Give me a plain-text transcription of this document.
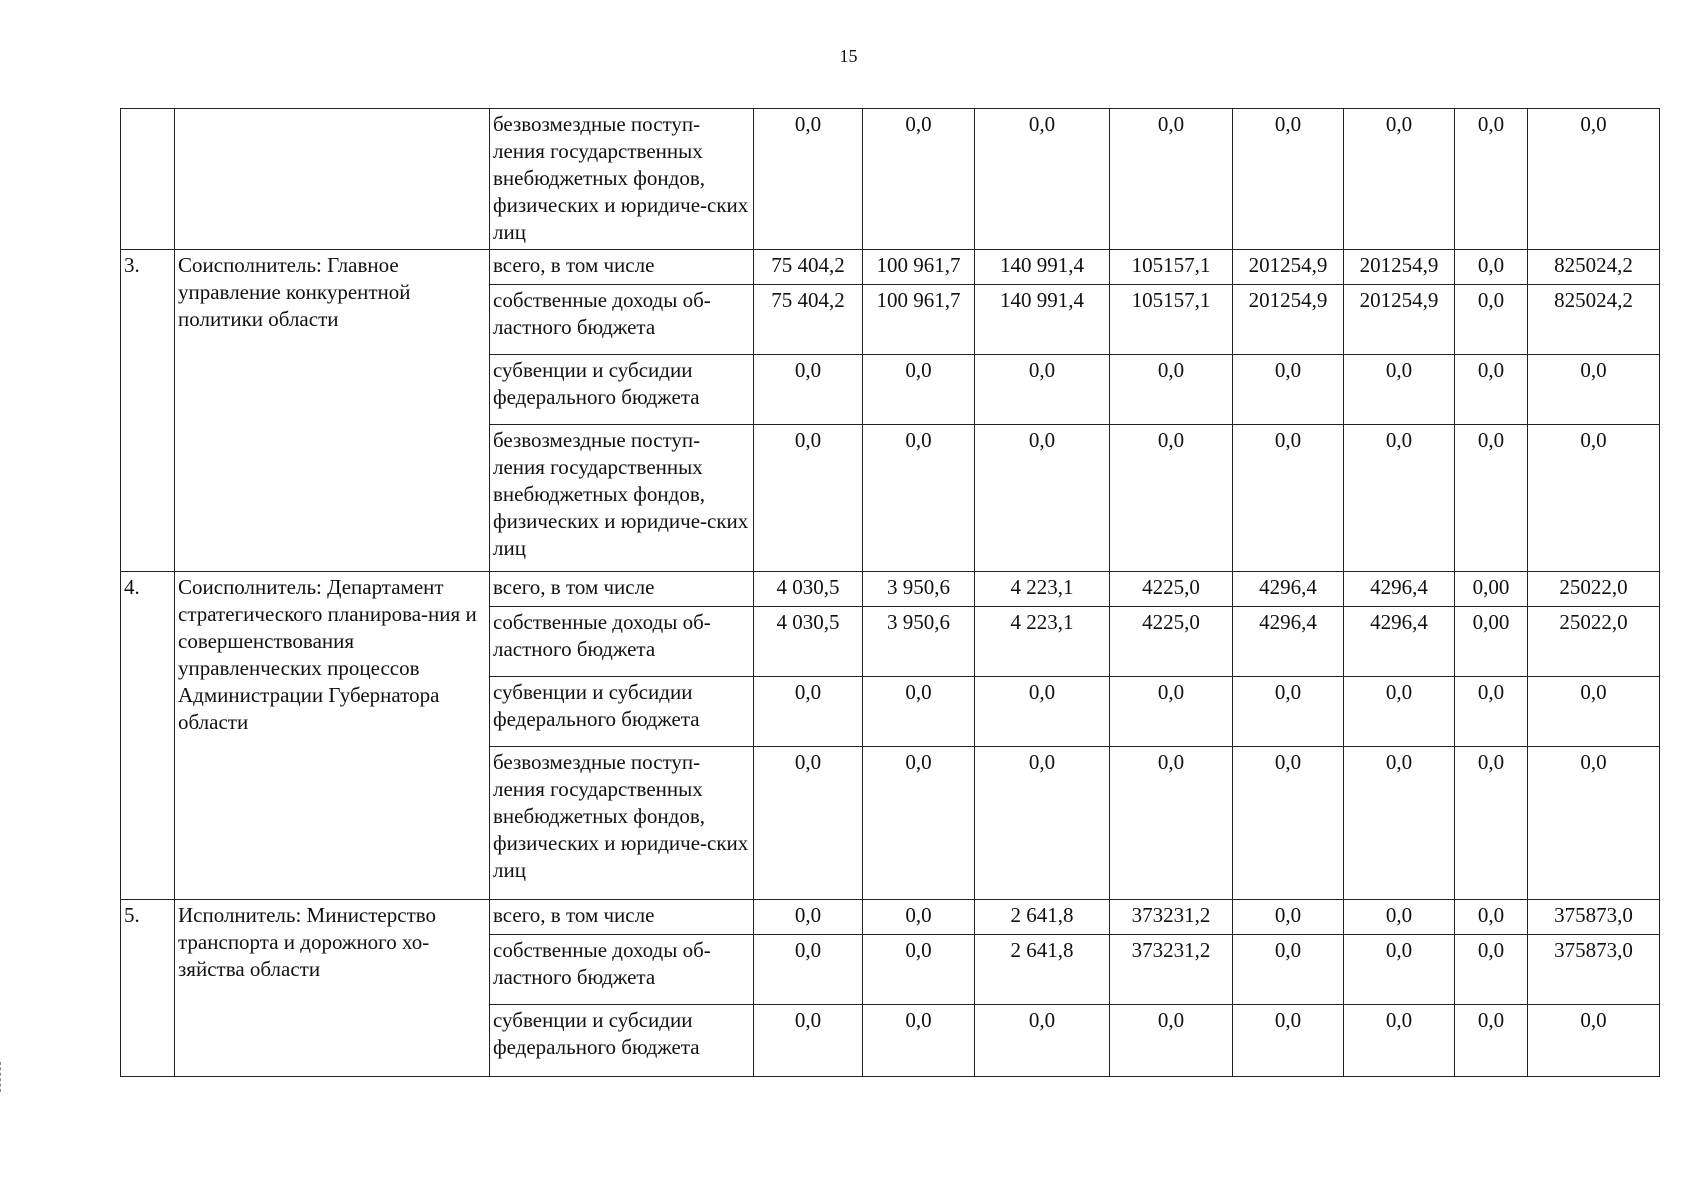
15
		безвозмездные поступ-ления государственных внебюджетных фондов, физических и юридиче-ских лиц	0,0	0,0	0,0	0,0	0,0	0,0	0,0	0,0
3.	Соисполнитель: Главное управление конкурентной политики области	всего, в том числе	75 404,2	100 961,7	140 991,4	105157,1	201254,9	201254,9	0,0	825024,2
		собственные доходы об-ластного бюджета	75 404,2	100 961,7	140 991,4	105157,1	201254,9	201254,9	0,0	825024,2
		субвенции и субсидии федерального бюджета	0,0	0,0	0,0	0,0	0,0	0,0	0,0	0,0
		безвозмездные поступ-ления государственных внебюджетных фондов, физических и юридиче-ских лиц	0,0	0,0	0,0	0,0	0,0	0,0	0,0	0,0
4.	Соисполнитель: Департамент стратегического планирова-ния и совершенствования управленческих процессов Администрации Губернатора области	всего, в том числе	4 030,5	3 950,6	4 223,1	4225,0	4296,4	4296,4	0,00	25022,0
		собственные доходы об-ластного бюджета	4 030,5	3 950,6	4 223,1	4225,0	4296,4	4296,4	0,00	25022,0
		субвенции и субсидии федерального бюджета	0,0	0,0	0,0	0,0	0,0	0,0	0,0	0,0
		безвозмездные поступ-ления государственных внебюджетных фондов, физических и юридиче-ских лиц	0,0	0,0	0,0	0,0	0,0	0,0	0,0	0,0
5.	Исполнитель: Министерство транспорта и дорожного хо-зяйства области	всего, в том числе	0,0	0,0	2 641,8	373231,2	0,0	0,0	0,0	375873,0
		собственные доходы об-ластного бюджета	0,0	0,0	2 641,8	373231,2	0,0	0,0	0,0	375873,0
		субвенции и субсидии федерального бюджета	0,0	0,0	0,0	0,0	0,0	0,0	0,0	0,0
